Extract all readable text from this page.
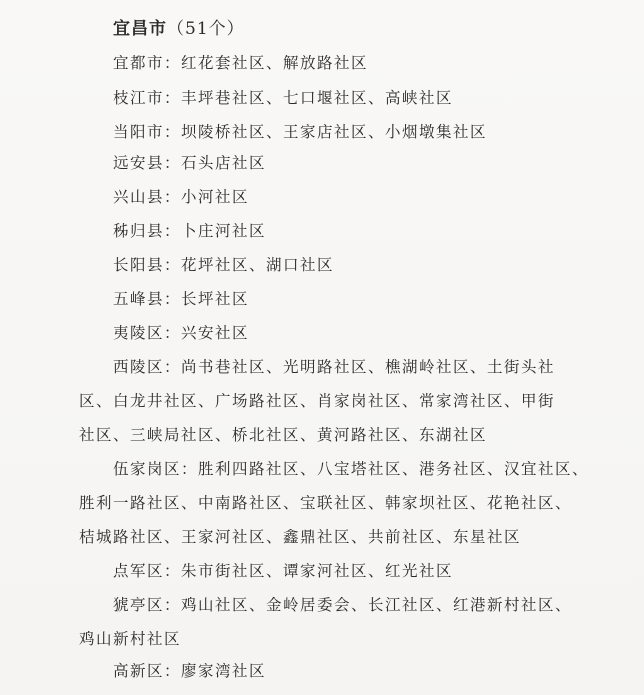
宜昌市（51个）
宜都市：红花套社区、解放路社区
枝江市：丰坪巷社区、七口堰社区、高峡社区
当阳市：坝陵桥社区、王家店社区、小烟墩集社区
远安县：石头店社区
兴山县：小河社区
秭归县：卜庄河社区
长阳县：花坪社区、湖口社区
五峰县：长坪社区
夷陵区：兴安社区
西陵区：尚书巷社区、光明路社区、樵湖岭社区、土街头社
区、白龙井社区、广场路社区、肖家岗社区、常家湾社区、甲街
社区、三峡局社区、桥北社区、黄河路社区、东湖社区
伍家岗区：胜利四路社区、八宝塔社区、港务社区、汉宜社区、
胜利一路社区、中南路社区、宝联社区、韩家坝社区、花艳社区、
桔城路社区、王家河社区、鑫鼎社区、共前社区、东星社区
点军区：朱市街社区、谭家河社区、红光社区
猇亭区：鸡山社区、金岭居委会、长江社区、红港新村社区、
鸡山新村社区
高新区：廖家湾社区
